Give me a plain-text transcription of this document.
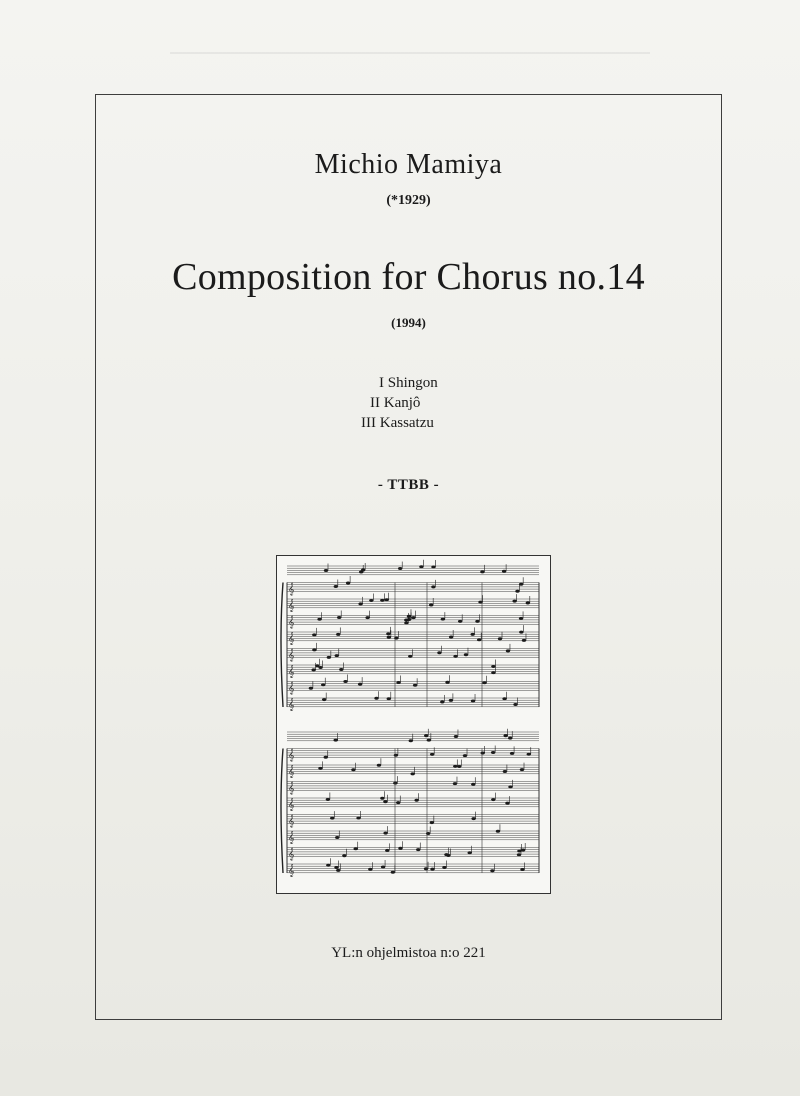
Michio Mamiya
(*1929)
Composition for Chorus no.14
(1994)
I Shingon
II Kanjô
III Kassatzu
- TTBB -
𝄞
𝄞
𝄞
𝄞
𝄞
𝄞
𝄞
𝄞
𝄞
𝄞
𝄞
𝄞
𝄞
𝄞
𝄞
𝄞
YL:n ohjelmistoa n:o 221
